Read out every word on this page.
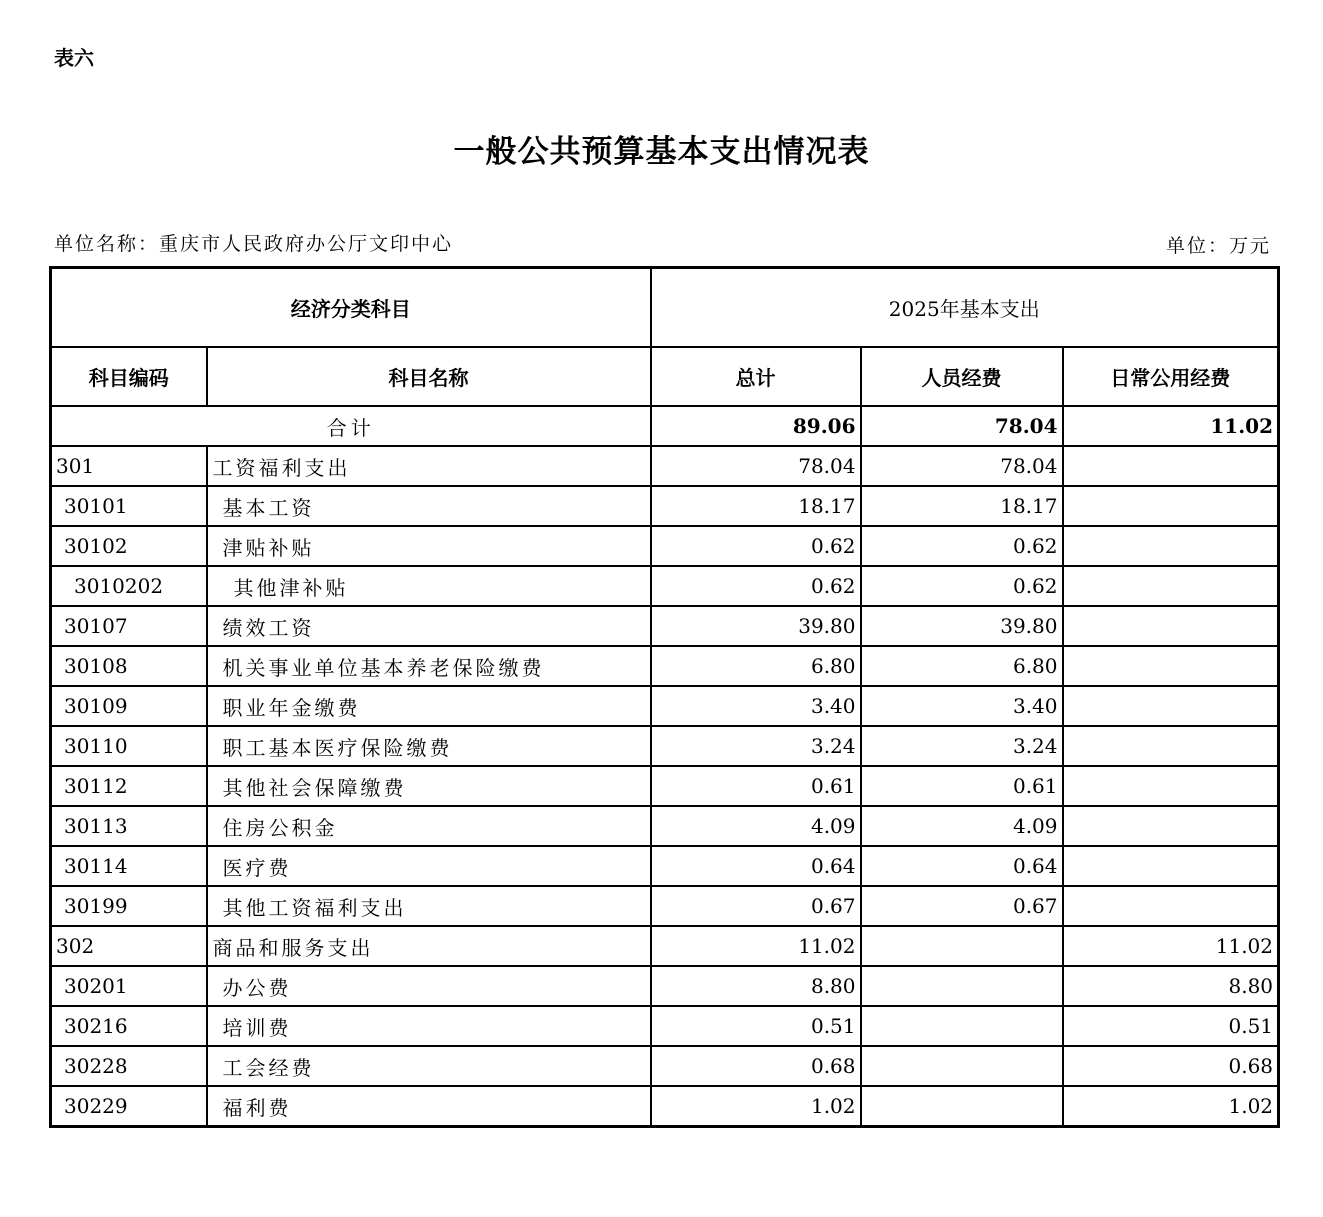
表六
一般公共预算基本支出情况表
单位名称：重庆市人民政府办公厅文印中心	单位：万元
经济分类科目		2025年基本支出		
科目编码	科目名称	总计	人员经费	日常公用经费
合计		89.06	78.04	11.02
301	工资福利支出	78.04	78.04	
30101	基本工资	18.17	18.17	
30102	津贴补贴	0.62	0.62	
3010202	其他津补贴	0.62	0.62	
30107	绩效工资	39.80	39.80	
30108	机关事业单位基本养老保险缴费	6.80	6.80	
30109	职业年金缴费	3.40	3.40	
30110	职工基本医疗保险缴费	3.24	3.24	
30112	其他社会保障缴费	0.61	0.61	
30113	住房公积金	4.09	4.09	
30114	医疗费	0.64	0.64	
30199	其他工资福利支出	0.67	0.67	
302	商品和服务支出	11.02		11.02
30201	办公费	8.80		8.80
30216	培训费	0.51		0.51
30228	工会经费	0.68		0.68
30229	福利费	1.02		1.02
